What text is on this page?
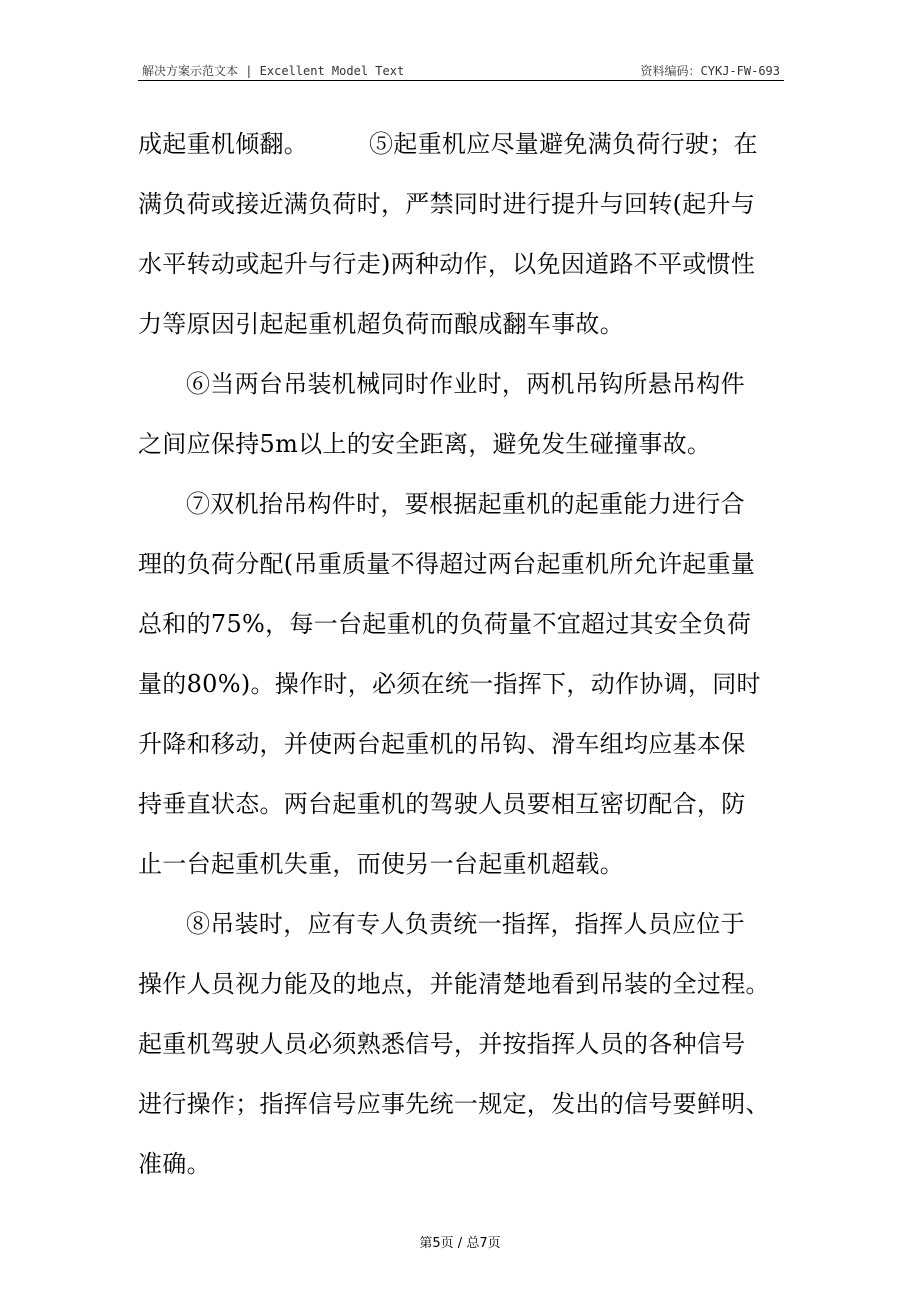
解决方案示范文本 | Excellent Model Text	资料编码：CYKJ-FW-693
成起重机倾翻。　　　⑤起重机应尽量避免满负荷行驶；在
满负荷或接近满负荷时，严禁同时进行提升与回转(起升与
水平转动或起升与行走)两种动作，以免因道路不平或惯性
力等原因引起起重机超负荷而酿成翻车事故。
⑥当两台吊装机械同时作业时，两机吊钩所悬吊构件
之间应保持5m以上的安全距离，避免发生碰撞事故。
⑦双机抬吊构件时，要根据起重机的起重能力进行合
理的负荷分配(吊重质量不得超过两台起重机所允许起重量
总和的75%，每一台起重机的负荷量不宜超过其安全负荷
量的80%)。操作时，必须在统一指挥下，动作协调，同时
升降和移动，并使两台起重机的吊钩、滑车组均应基本保
持垂直状态。两台起重机的驾驶人员要相互密切配合，防
止一台起重机失重，而使另一台起重机超载。
⑧吊装时，应有专人负责统一指挥，指挥人员应位于
操作人员视力能及的地点，并能清楚地看到吊装的全过程。
起重机驾驶人员必须熟悉信号，并按指挥人员的各种信号
进行操作；指挥信号应事先统一规定，发出的信号要鲜明、
准确。
第5页 / 总7页
